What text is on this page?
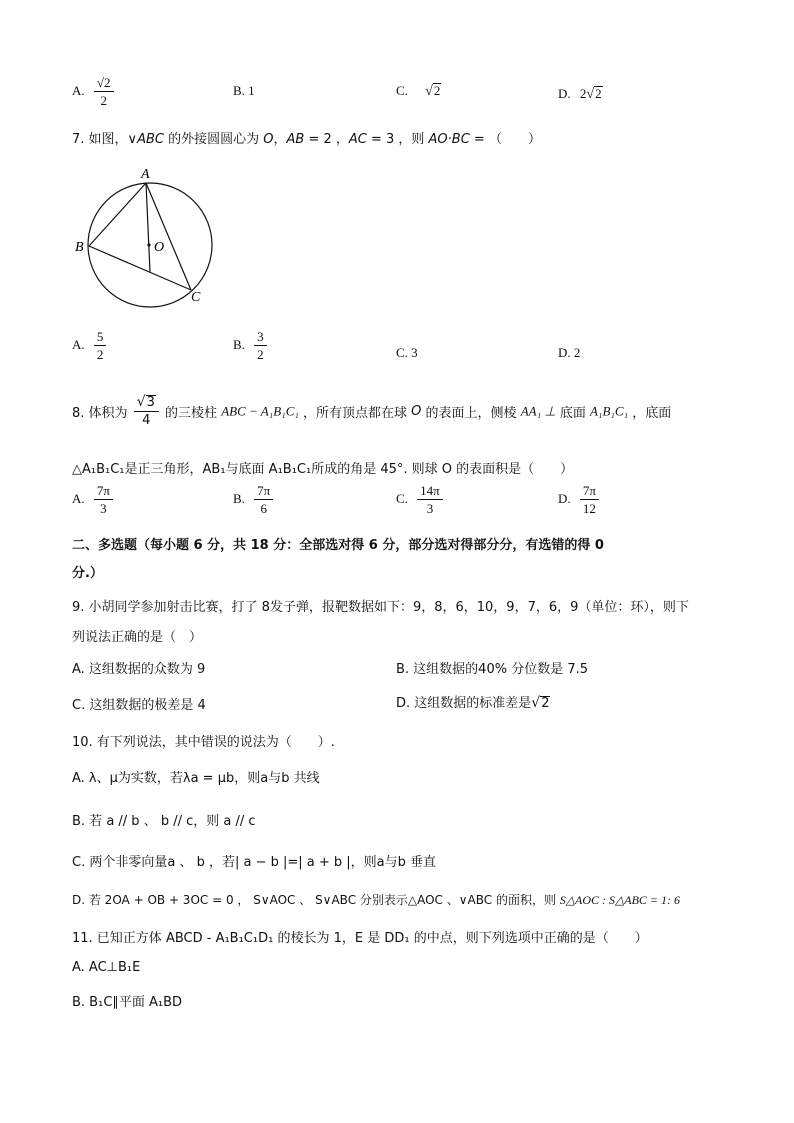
A. $\frac{√2}{2}$	B. 1	C. √2	D. 2√2
7. 如图，∨ABC 的外接圆圆心为 O，AB = 2 ，AC = 3 ，则 AO·BC = （　　）
A
B
C
O
A. $\frac{5}{2}$	B. $\frac{3}{2}$	C. 3	D. 2
8. 体积为 $\frac{√3}{4}$ 的三棱柱 ABC − A₁B₁C₁ ，所有顶点都在球 O 的表面上，侧棱 AA₁ ⊥ 底面 A₁B₁C₁ ，底面
△A₁B₁C₁是正三角形，AB₁与底面 A₁B₁C₁所成的角是 45°. 则球 O 的表面积是（　　）
A. $\frac{7\pi}{3}$	B. $\frac{7\pi}{6}$	C. $\frac{14\pi}{3}$	D. $\frac{7\pi}{12}$
二、多选题（每小题 6 分，共 18 分：全部选对得 6 分，部分选对得部分分，有选错的得 0
分.）
9. 小胡同学参加射击比赛，打了 8发子弹，报靶数据如下：9，8，6，10，9，7，6，9（单位：环），则下
列说法正确的是（　）
A. 这组数据的众数为 9	B. 这组数据的40% 分位数是 7.5
C. 这组数据的极差是 4	D. 这组数据的标准差是√2
10. 有下列说法，其中错误的说法为（　　）.
A. λ、μ为实数，若λa = μb，则a与b 共线
B. 若 a // b 、 b // c，则 a // c
C. 两个非零向量a 、 b ，若| a − b |=| a + b |，则a与b 垂直
D. 若 2OA + OB + 3OC = 0 ， S∨AOC 、 S∨ABC 分别表示△AOC 、∨ABC 的面积，则 S△AOC : S△ABC = 1: 6
11. 已知正方体 ABCD - A₁B₁C₁D₁ 的棱长为 1，E 是 DD₁ 的中点，则下列选项中正确的是（　　）
A. AC⊥B₁E
B. B₁C∥平面 A₁BD
